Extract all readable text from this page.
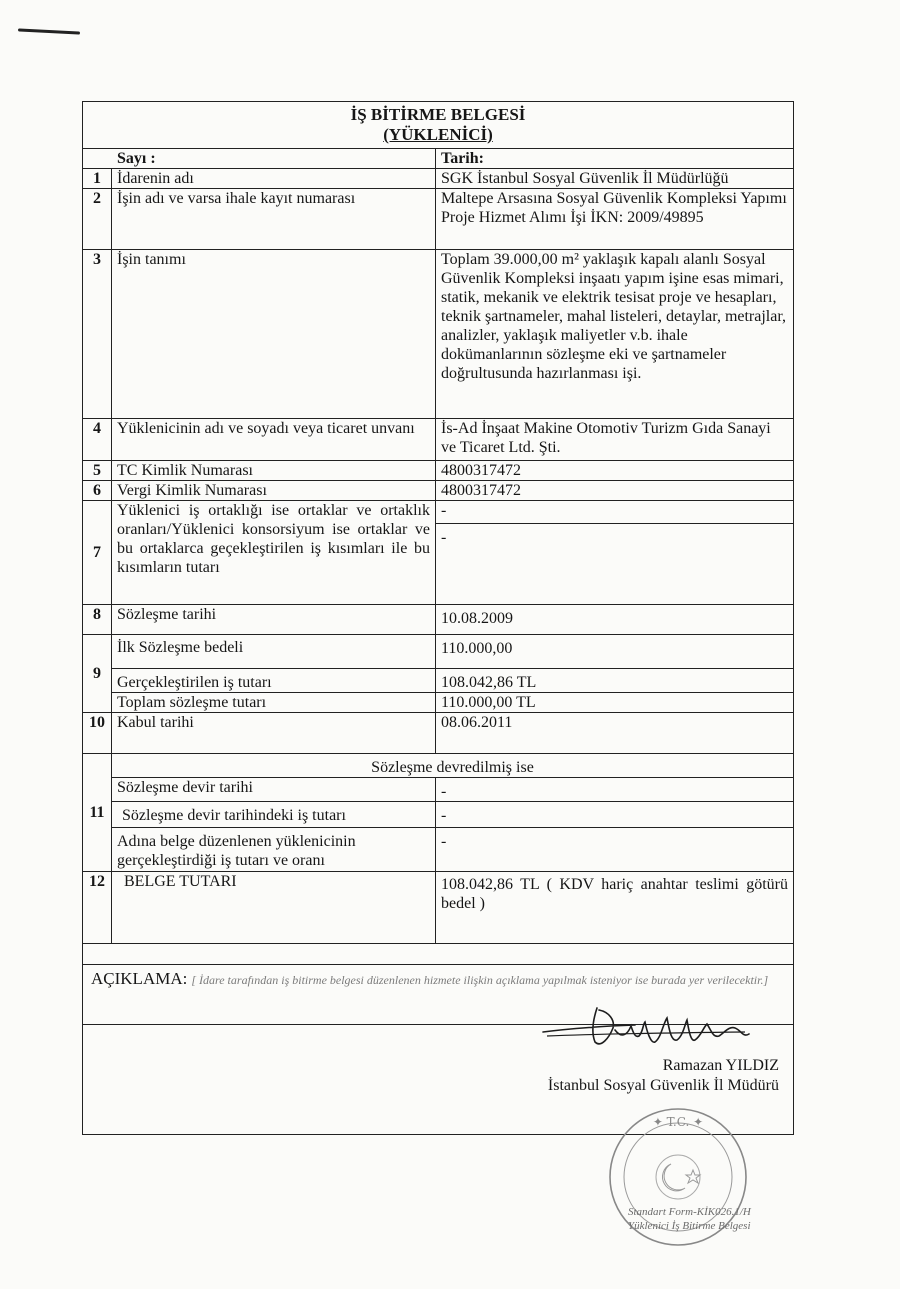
İŞ BİTİRME BELGESİ
(YÜKLENİCİ)		

Sayı :		Tarih:
1	İdarenin adı	SGK İstanbul Sosyal Güvenlik İl Müdürlüğü
2	İşin adı ve varsa ihale kayıt numarası	Maltepe Arsasına Sosyal Güvenlik Kompleksi Yapımı Proje Hizmet Alımı İşi İKN: 2009/49895
3	İşin tanımı	Toplam 39.000,00 m² yaklaşık kapalı alanlı Sosyal Güvenlik Kompleksi inşaatı yapım işine esas mimari, statik, mekanik ve elektrik tesisat proje ve hesapları, teknik şartnameler, mahal listeleri, detaylar, metrajlar, analizler, yaklaşık maliyetler v.b. ihale dokümanlarının sözleşme eki ve şartnameler doğrultusunda hazırlanması işi.
4	Yüklenicinin adı ve soyadı veya ticaret unvanı	İs-Ad İnşaat Makine Otomotiv Turizm Gıda Sanayi ve Ticaret Ltd. Şti.
5	TC Kimlik Numarası	4800317472
6	Vergi Kimlik Numarası	4800317472
7	Yüklenici iş ortaklığı ise ortaklar ve ortaklık oranları/Yüklenici konsorsiyum ise ortaklar ve bu ortaklarca geçekleştirilen iş kısımları ile bu kısımların tutarı	-
-

8	Sözleşme tarihi	10.08.2009
9	İlk Sözleşme bedeli	110.000,00
	Gerçekleştirilen iş tutarı	108.042,86 TL
	Toplam sözleşme tutarı	110.000,00 TL
10	Kabul tarihi	08.06.2011
11	Sözleşme devredilmiş ise	
	Sözleşme devir tarihi	-
	Sözleşme devir tarihindeki iş tutarı	-
	Adına belge düzenlenen yüklenicinin gerçekleştirdiği iş tutarı ve oranı	-
12	BELGE TUTARI	108.042,86 TL ( KDV hariç anahtar teslimi götürü bedel )
AÇIKLAMA: [ İdare tarafından iş bitirme belgesi düzenlenen hizmete ilişkin açıklama yapılmak isteniyor ise burada yer verilecektir.]
Ramazan YILDIZ
İstanbul Sosyal Güvenlik İl Müdürü
✦ T.C. ✦
Standart Form-KİK026.1/H
Yüklenici İş Bitirme Belgesi
